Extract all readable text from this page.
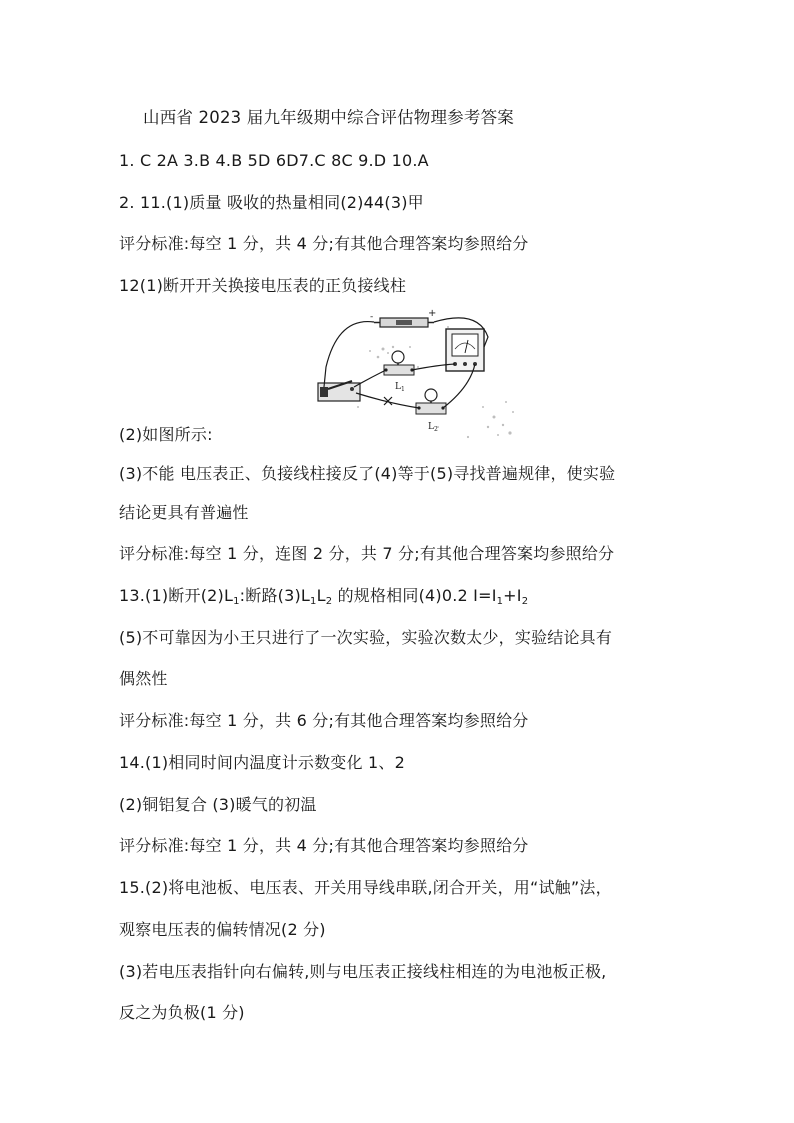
山西省 2023 届九年级期中综合评估物理参考答案
1. C 2A 3.B 4.B 5D 6D7.C 8C 9.D 10.A
2. 11.(1)质量 吸收的热量相同(2)44(3)甲
评分标准:每空 1 分，共 4 分;有其他合理答案均参照给分
12(1)断开开关换接电压表的正负接线柱
-	+
$L_1$
$L_2$
(2)如图所示:
(3)不能 电压表正、负接线柱接反了(4)等于(5)寻找普遍规律，使实验
结论更具有普遍性
评分标准:每空 1 分，连图 2 分，共 7 分;有其他合理答案均参照给分
13.(1)断开$(2)L_1$:断路$(3)L_1L_2$ 的规格相同(4)0.2 $I=I_1+I_2$
(5)不可靠因为小王只进行了一次实验，实验次数太少，实验结论具有
偶然性
评分标准:每空 1 分，共 6 分;有其他合理答案均参照给分
14.(1)相同时间内温度计示数变化 1、2
(2)铜铝复合 (3)暖气的初温
评分标准:每空 1 分，共 4 分;有其他合理答案均参照给分
15.(2)将电池板、电压表、开关用导线串联,闭合开关，用“试触”法，
观察电压表的偏转情况(2 分)
(3)若电压表指针向右偏转,则与电压表正接线柱相连的为电池板正极,
反之为负极(1 分)
